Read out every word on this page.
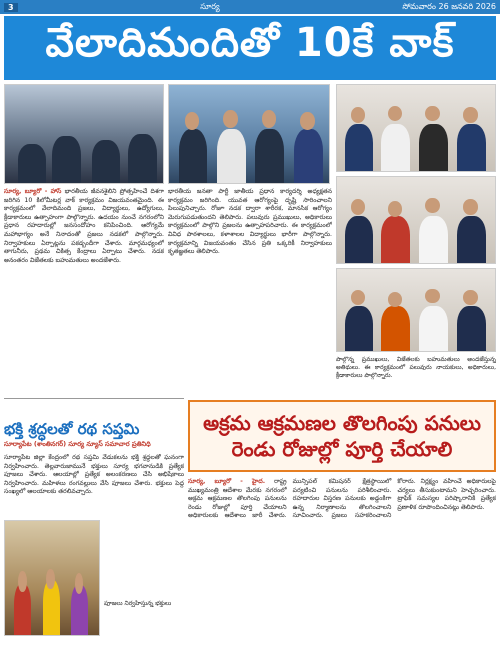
3	సూర్య	సోమవారం 26 జనవరి 2026
వేలాదిమందితో 10కే వాక్
సూర్య, బ్యూరో - హాస్ భారతీయ జీవనశైలిని ప్రోత్సహించే దిశగా జరిగిన 10 కిలోమీటర్ల వాక్ కార్యక్రమం విజయవంతమైంది. ఈ కార్యక్రమంలో వేలాదిమంది ప్రజలు, విద్యార్థులు, ఉద్యోగులు, క్రీడాకారులు ఉత్సాహంగా పాల్గొన్నారు. ఉదయం నుంచే నగరంలోని ప్రధాన రహదారుల్లో జనసందోహం కనిపించింది. ఆరోగ్యమే మహాభాగ్యం అనే నినాదంతో ప్రజలు నడకలో పాల్గొన్నారు. నిర్వాహకులు ఏర్పాట్లను పకడ్బందీగా చేశారు. మార్గమధ్యంలో తాగునీరు, ప్రథమ చికిత్స కేంద్రాలు ఏర్పాటు చేశారు. నడక అనంతరం విజేతలకు బహుమతులు అందజేశారు.
భారతీయ జనతా పార్టీ జాతీయ ప్రధాన కార్యదర్శి అధ్యక్షతన కార్యక్రమం జరిగింది. యువత ఆరోగ్యంపై దృష్టి సారించాలని పిలుపునిచ్చారు. రోజూ నడక ద్వారా శారీరక, మానసిక ఆరోగ్యం మెరుగుపడుతుందని తెలిపారు. పలువురు ప్రముఖులు, అధికారులు కార్యక్రమంలో పాల్గొని ప్రజలను ఉత్సాహపరిచారు. ఈ కార్యక్రమంలో వివిధ పాఠశాలలు, కళాశాలల విద్యార్థులు భారీగా పాల్గొన్నారు. కార్యక్రమాన్ని విజయవంతం చేసిన ప్రతి ఒక్కరికీ నిర్వాహకులు కృతజ్ఞతలు తెలిపారు.
పాల్గొన్న ప్రముఖులు, విజేతలకు బహుమతులు అందజేస్తున్న అతిథులు. ఈ కార్యక్రమంలో పలువురు నాయకులు, అధికారులు, క్రీడాకారులు పాల్గొన్నారు.
భక్తి శ్రద్ధలతో రథ సప్తమి
సూర్యాపేట (శాంతినగర్) సూర్య న్యూస్ సమాచార ప్రతినిధి
సూర్యాపేట జిల్లా కేంద్రంలో రథ సప్తమి వేడుకలను భక్తి శ్రద్ధలతో ఘనంగా నిర్వహించారు. తెల్లవారుజామునే భక్తులు సూర్య భగవానుడికి ప్రత్యేక పూజలు చేశారు. ఆలయాల్లో ప్రత్యేక అలంకరణలు చేసి అభిషేకాలు నిర్వహించారు. మహిళలు రంగవల్లులు వేసి పూజలు చేశారు. భక్తులు పెద్ద సంఖ్యలో ఆలయాలకు తరలివచ్చారు.
పూజలు నిర్వహిస్తున్న భక్తులు
అక్రమ ఆక్రమణల తొలగింపు పనులు
రెండు రోజుల్లో పూర్తి చేయాలి
సూర్య, బ్యూరో - హైద. రాష్ట్ర ముఖ్యమంత్రి ఆదేశాల మేరకు నగరంలో అక్రమ ఆక్రమణల తొలగింపు పనులను రెండు రోజుల్లో పూర్తి చేయాలని అధికారులకు ఆదేశాలు జారీ చేశారు. మున్సిపల్ కమిషనర్ క్షేత్రస్థాయిలో పర్యటించి పనులను పరిశీలించారు. రహదారుల విస్తరణ పనులకు అడ్డంకిగా ఉన్న నిర్మాణాలను తొలగించాలని సూచించారు. ప్రజలు సహకరించాలని కోరారు. నిర్లక్ష్యం వహించే అధికారులపై చర్యలు తీసుకుంటామని హెచ్చరించారు. ట్రాఫిక్ సమస్యల పరిష్కారానికి ప్రత్యేక ప్రణాళిక రూపొందించినట్లు తెలిపారు.
